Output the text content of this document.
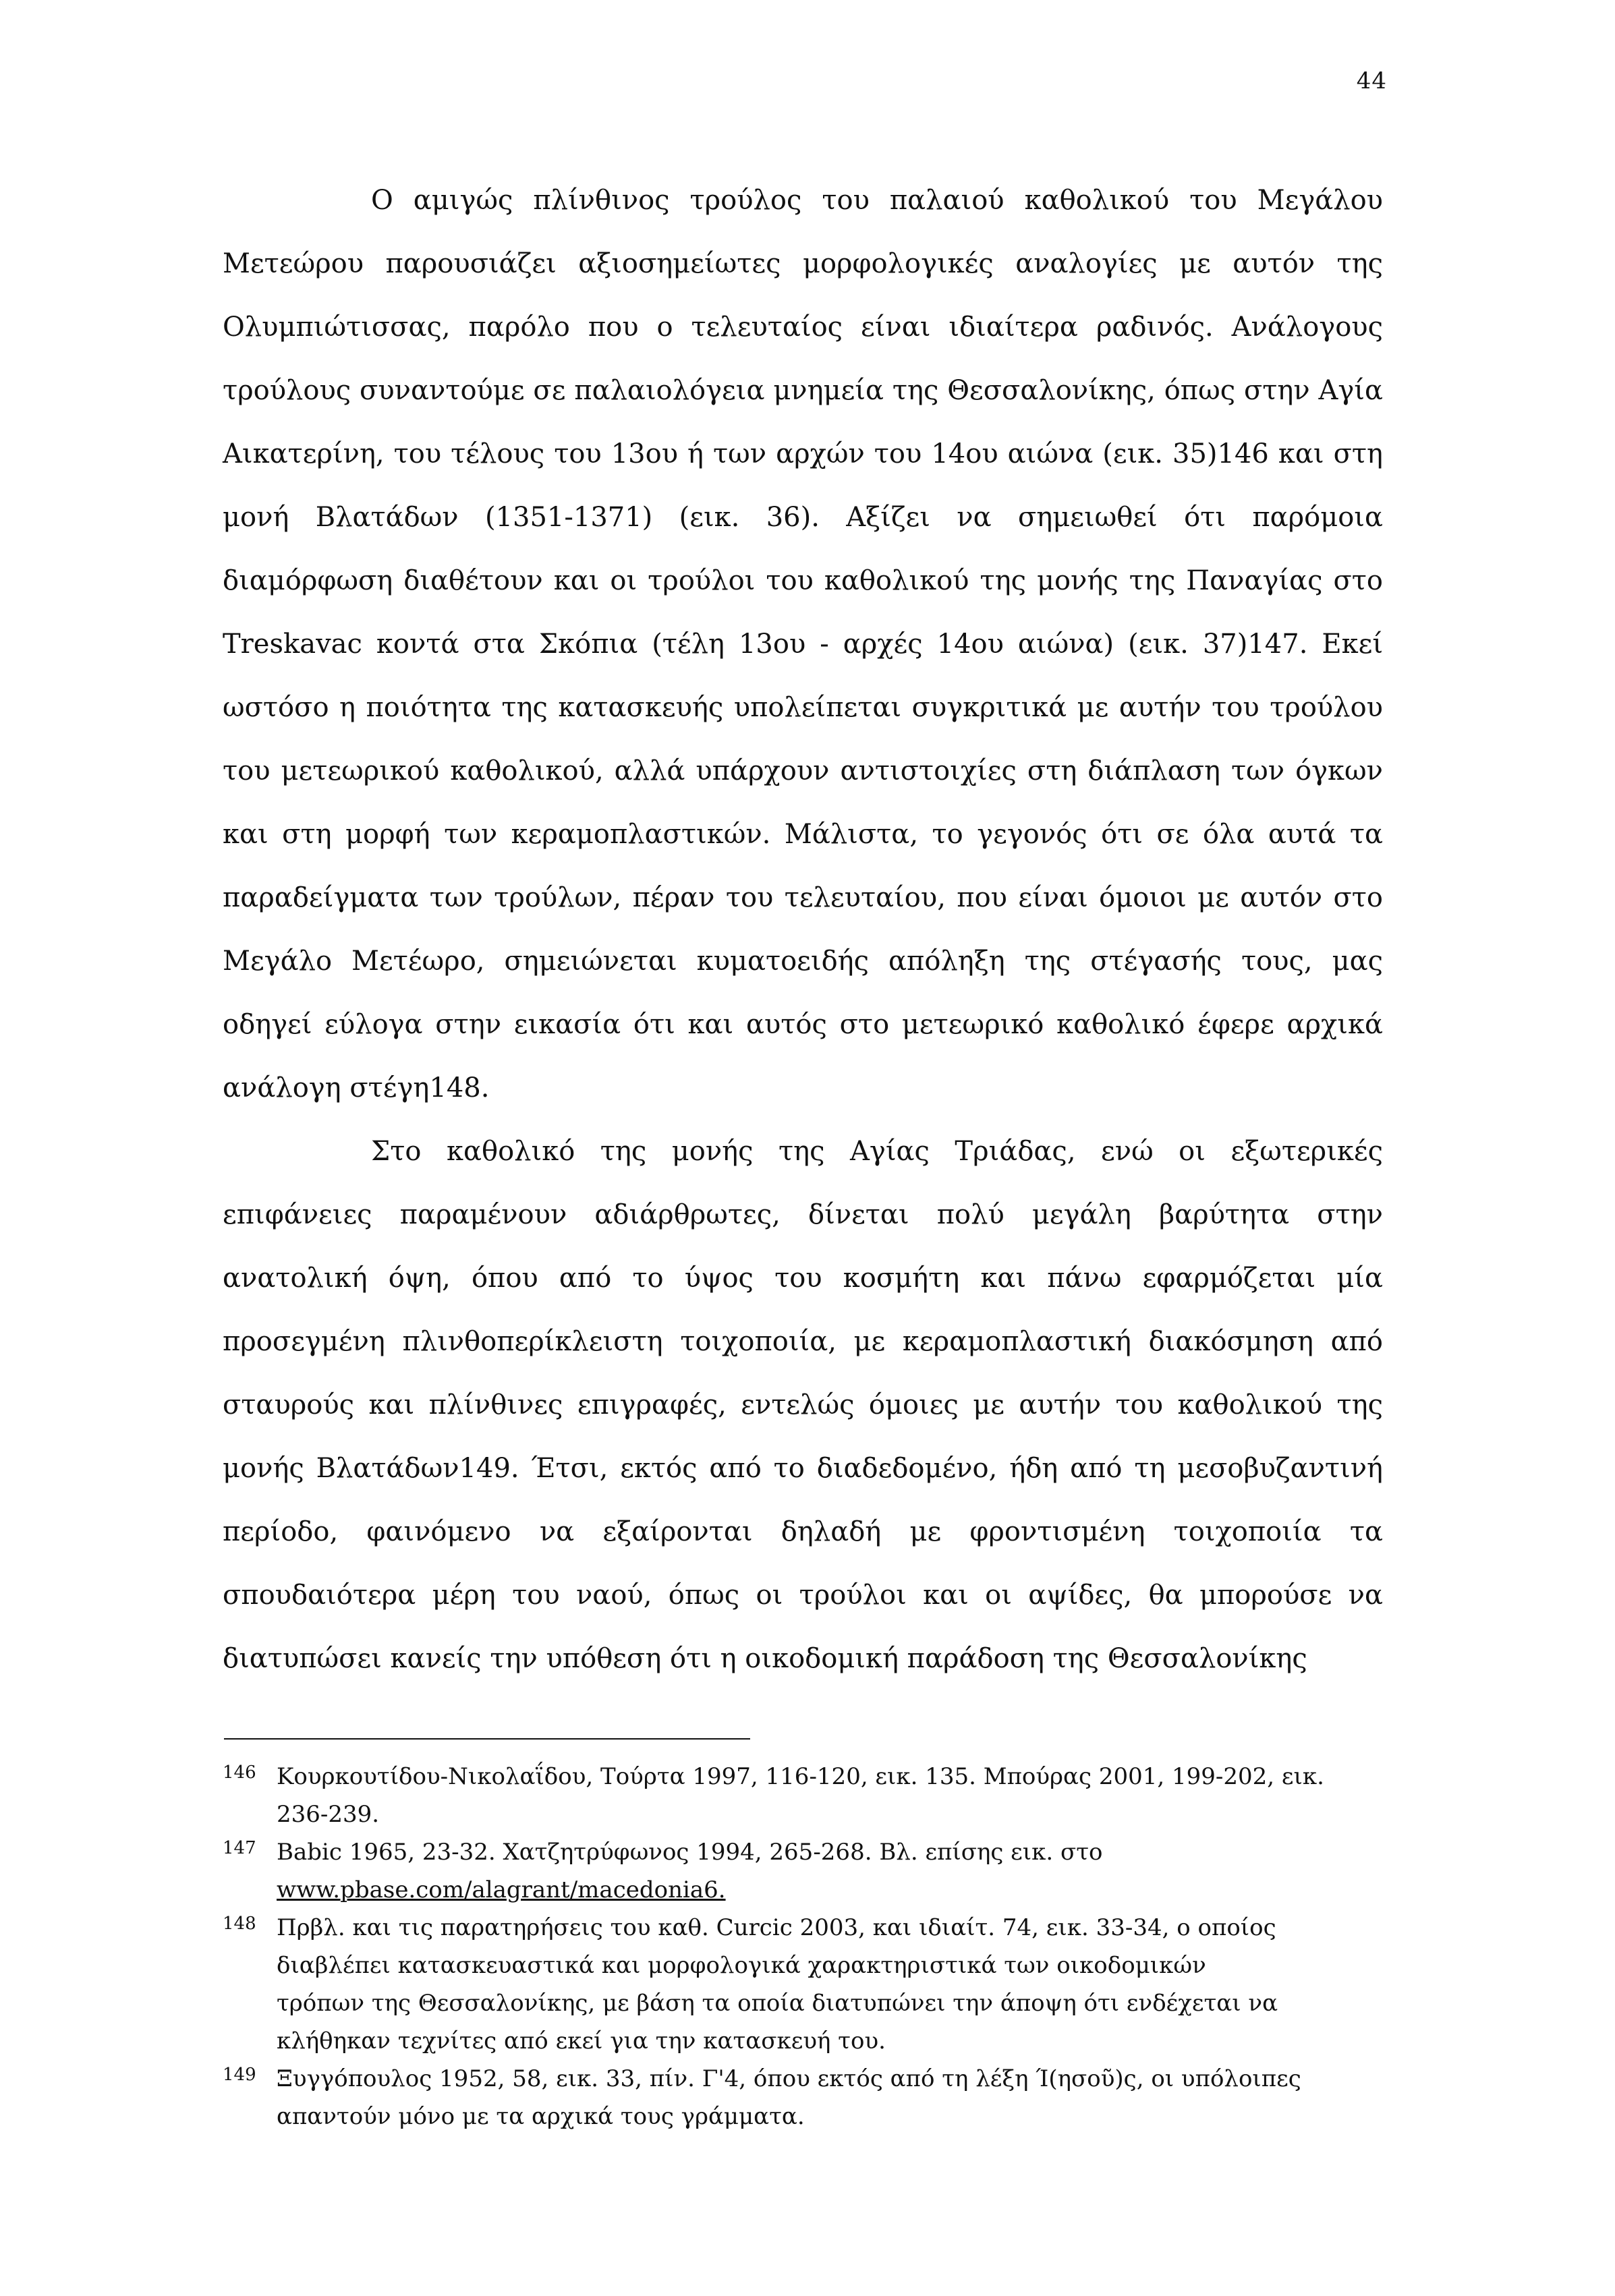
44

Ο αμιγώς πλίνθινος τρούλος του παλαιού καθολικού του Μεγάλου Μετεώρου παρουσιάζει αξιοσημείωτες μορφολογικές αναλογίες με αυτόν της Ολυμπιώτισσας, παρόλο που ο τελευταίος είναι ιδιαίτερα ραδινός. Ανάλογους τρούλους συναντούμε σε παλαιολόγεια μνημεία της Θεσσαλονίκης, όπως στην Αγία Αικατερίνη, του τέλους του 13ου ή των αρχών του 14ου αιώνα (εικ. 35)146 και στη μονή Βλατάδων (1351-1371) (εικ. 36). Αξίζει να σημειωθεί ότι παρόμοια διαμόρφωση διαθέτουν και οι τρούλοι του καθολικού της μονής της Παναγίας στο Treskavac κοντά στα Σκόπια (τέλη 13ου - αρχές 14ου αιώνα) (εικ. 37)147. Εκεί ωστόσο η ποιότητα της κατασκευής υπολείπεται συγκριτικά με αυτήν του τρούλου του μετεωρικού καθολικού, αλλά υπάρχουν αντιστοιχίες στη διάπλαση των όγκων και στη μορφή των κεραμοπλαστικών. Μάλιστα, το γεγονός ότι σε όλα αυτά τα παραδείγματα των τρούλων, πέραν του τελευταίου, που είναι όμοιοι με αυτόν στο Μεγάλο Μετέωρο, σημειώνεται κυματοειδής απόληξη της στέγασής τους, μας οδηγεί εύλογα στην εικασία ότι και αυτός στο μετεωρικό καθολικό έφερε αρχικά ανάλογη στέγη148.

Στο καθολικό της μονής της Αγίας Τριάδας, ενώ οι εξωτερικές επιφάνειες παραμένουν αδιάρθρωτες, δίνεται πολύ μεγάλη βαρύτητα στην ανατολική όψη, όπου από το ύψος του κοσμήτη και πάνω εφαρμόζεται μία προσεγμένη πλινθοπερίκλειστη τοιχοποιία, με κεραμοπλαστική διακόσμηση από σταυρούς και πλίνθινες επιγραφές, εντελώς όμοιες με αυτήν του καθολικού της μονής Βλατάδων149. Έτσι, εκτός από το διαδεδομένο, ήδη από τη μεσοβυζαντινή περίοδο, φαινόμενο να εξαίρονται δηλαδή με φροντισμένη τοιχοποιία τα σπουδαιότερα μέρη του ναού, όπως οι τρούλοι και οι αψίδες, θα μπορούσε να διατυπώσει κανείς την υπόθεση ότι η οικοδομική παράδοση της Θεσσαλονίκης

146 Κουρκουτίδου-Νικολαΐδου, Τούρτα 1997, 116-120, εικ. 135. Μπούρας 2001, 199-202, εικ.
236-239.
147 Babic 1965, 23-32. Χατζητρύφωνος 1994, 265-268. Βλ. επίσης εικ. στο
www.pbase.com/alagrant/macedonia6.
148 Πρβλ. και τις παρατηρήσεις του καθ. Curcic 2003, και ιδιαίτ. 74, εικ. 33-34, ο οποίος
διαβλέπει κατασκευαστικά και μορφολογικά χαρακτηριστικά των οικοδομικών
τρόπων της Θεσσαλονίκης, με βάση τα οποία διατυπώνει την άποψη ότι ενδέχεται να
κλήθηκαν τεχνίτες από εκεί για την κατασκευή του.
149 Ξυγγόπουλος 1952, 58, εικ. 33, πίν. Γ'4, όπου εκτός από τη λέξη Ί(ησοῦ)ς, οι υπόλοιπες
απαντούν μόνο με τα αρχικά τους γράμματα.
